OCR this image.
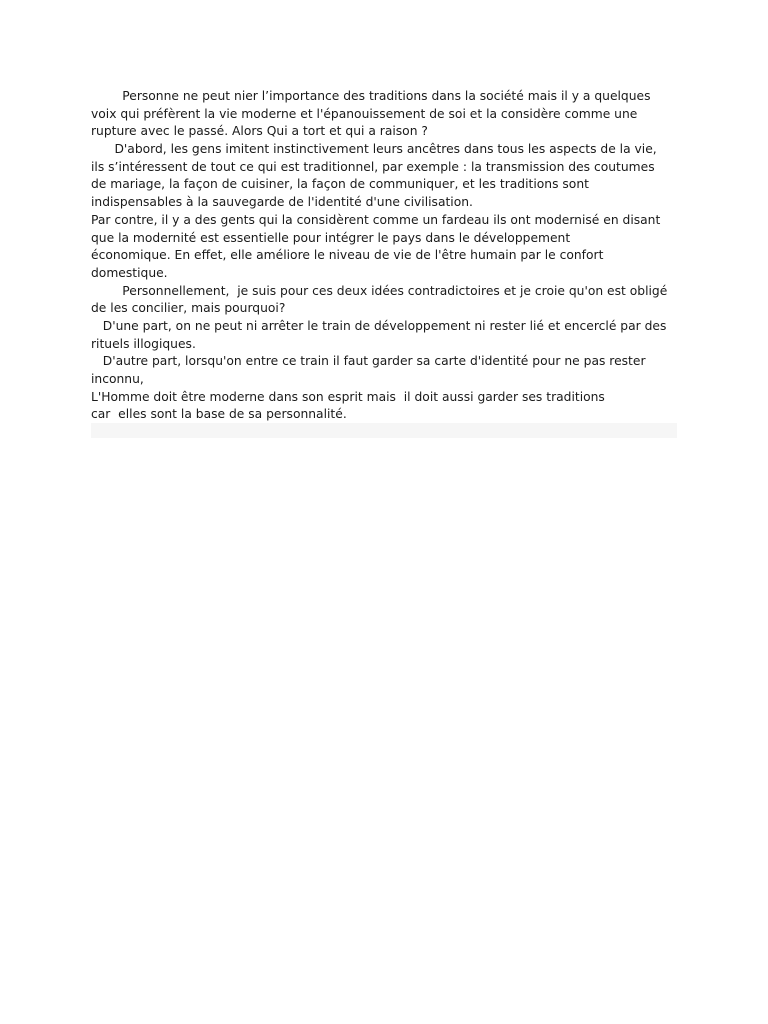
Personne ne peut nier l’importance des traditions dans la société mais il y a quelques
voix qui préfèrent la vie moderne et l'épanouissement de soi et la considère comme une
rupture avec le passé. Alors Qui a tort et qui a raison ?
D'abord, les gens imitent instinctivement leurs ancêtres dans tous les aspects de la vie,
ils s’intéressent de tout ce qui est traditionnel, par exemple : la transmission des coutumes
de mariage, la façon de cuisiner, la façon de communiquer, et les traditions sont
indispensables à la sauvegarde de l'identité d'une civilisation.
Par contre, il y a des gents qui la considèrent comme un fardeau ils ont modernisé en disant
que la modernité est essentielle pour intégrer le pays dans le développement
économique. En effet, elle améliore le niveau de vie de l'être humain par le confort
domestique.
Personnellement,  je suis pour ces deux idées contradictoires et je croie qu'on est obligé
de les concilier, mais pourquoi?
D'une part, on ne peut ni arrêter le train de développement ni rester lié et encerclé par des
rituels illogiques.
D'autre part, lorsqu'on entre ce train il faut garder sa carte d'identité pour ne pas rester
inconnu,
L'Homme doit être moderne dans son esprit mais  il doit aussi garder ses traditions
car  elles sont la base de sa personnalité.
